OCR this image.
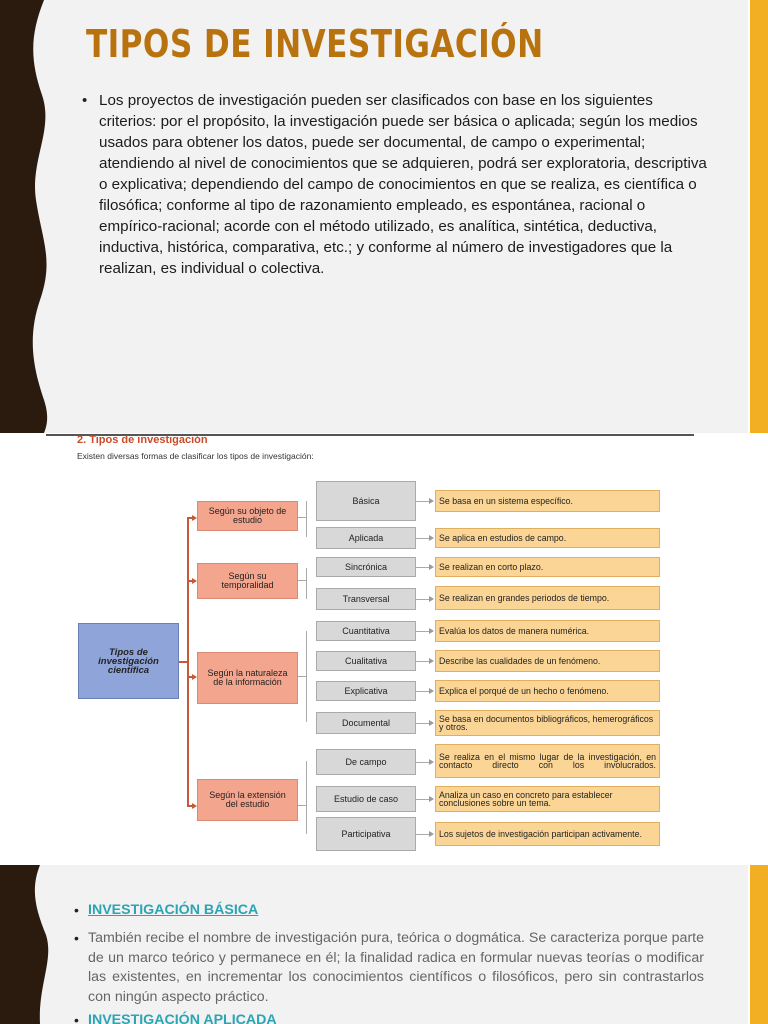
TIPOS DE INVESTIGACIÓN
• Los proyectos de investigación pueden ser clasificados con base en los siguientes criterios: por el propósito, la investigación puede ser básica o aplicada; según los medios usados para obtener los datos, puede ser documental, de campo o experimental; atendiendo al nivel de conocimientos que se adquieren, podrá ser exploratoria, descriptiva o explicativa; dependiendo del campo de conocimientos en que se realiza, es científica o filosófica; conforme al tipo de razonamiento empleado, es espontánea, racional o empírico-racional; acorde con el método utilizado, es analítica, sintética, deductiva, inductiva, histórica, comparativa, etc.; y conforme al número de investigadores que la realizan, es individual o colectiva.
2. Tipos de investigación
Existen diversas formas de clasificar los tipos de investigación:
Tipos de investigación científica
Según su objeto de estudio
Según su temporalidad
Según la naturaleza de la información
Según la extensión del estudio
Básica
Aplicada
Sincrónica
Transversal
Cuantitativa
Cualitativa
Explicativa
Documental
De campo
Estudio de caso
Participativa
Se basa en un sistema específico.
Se aplica en estudios de campo.
Se realizan en corto plazo.
Se realizan en grandes periodos de tiempo.
Evalúa los datos de manera numérica.
Describe las cualidades de un fenómeno.
Explica el porqué de un hecho o fenómeno.
Se basa en documentos bibliográficos, hemerográficos y otros.
Se realiza en el mismo lugar de la investigación, en contacto directo con los involucrados.
Analiza un caso en concreto para establecer conclusiones sobre un tema.
Los sujetos de investigación participan activamente.
• INVESTIGACIÓN BÁSICA
• También recibe el nombre de investigación pura, teórica o dogmática. Se caracteriza porque parte de un marco teórico y permanece en él; la finalidad radica en formular nuevas teorías o modificar las existentes, en incrementar los conocimientos científicos o filosóficos, pero sin contrastarlos con ningún aspecto práctico.
• INVESTIGACIÓN APLICADA
